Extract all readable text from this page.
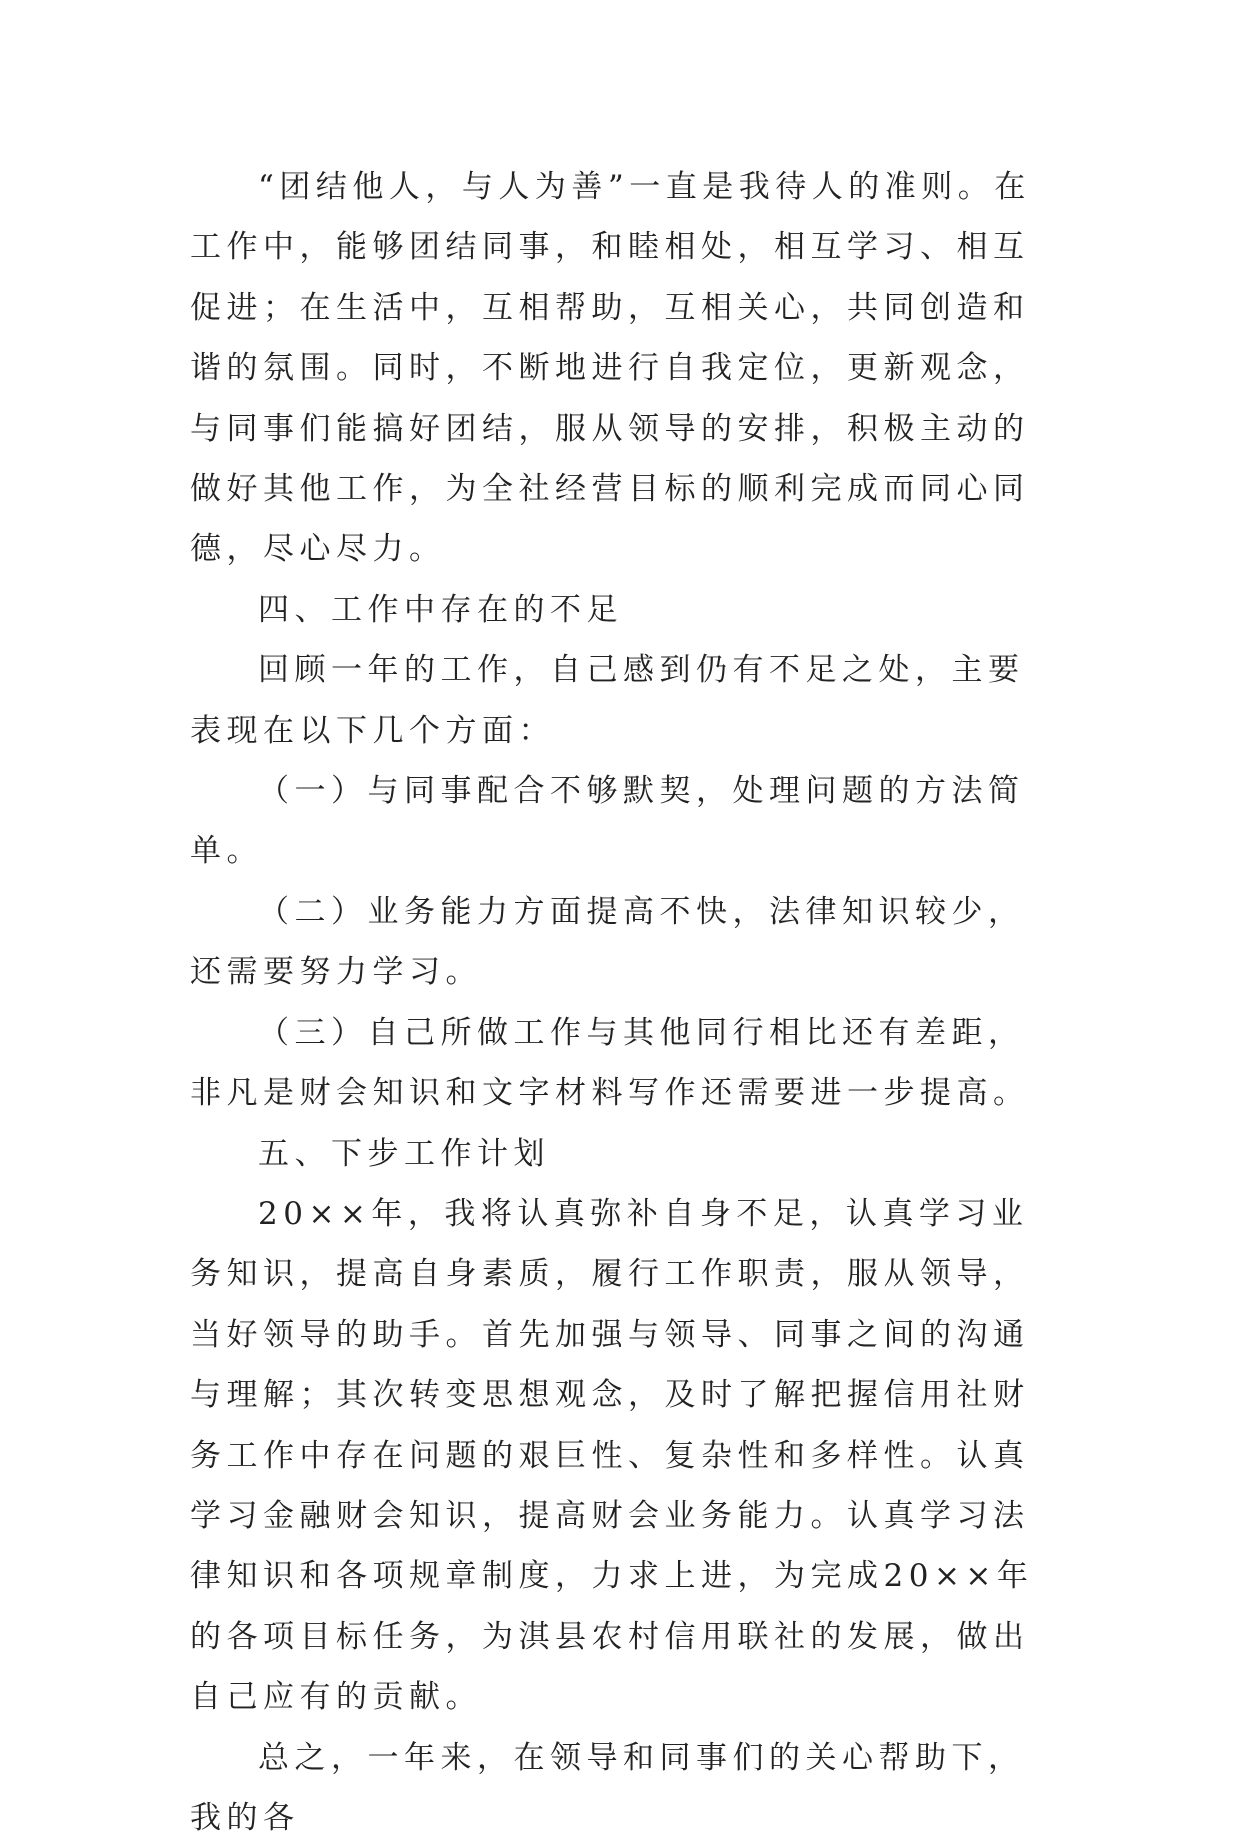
“团结他人，与人为善”一直是我待人的准则。在工作中，能够团结同事，和睦相处，相互学习、相互促进；在生活中，互相帮助，互相关心，共同创造和谐的氛围。同时，不断地进行自我定位，更新观念，与同事们能搞好团结，服从领导的安排，积极主动的做好其他工作，为全社经营目标的顺利完成而同心同德，尽心尽力。

四、工作中存在的不足

回顾一年的工作，自己感到仍有不足之处，主要表现在以下几个方面：

（一）与同事配合不够默契，处理问题的方法简单。

（二）业务能力方面提高不快，法律知识较少，还需要努力学习。

（三）自己所做工作与其他同行相比还有差距，非凡是财会知识和文字材料写作还需要进一步提高。

五、下步工作计划

20××年，我将认真弥补自身不足，认真学习业务知识，提高自身素质，履行工作职责，服从领导，当好领导的助手。首先加强与领导、同事之间的沟通与理解；其次转变思想观念，及时了解把握信用社财务工作中存在问题的艰巨性、复杂性和多样性。认真学习金融财会知识，提高财会业务能力。认真学习法律知识和各项规章制度，力求上进，为完成20××年的各项目标任务，为淇县农村信用联社的发展，做出自己应有的贡献。

总之，一年来，在领导和同事们的关心帮助下，我的各
